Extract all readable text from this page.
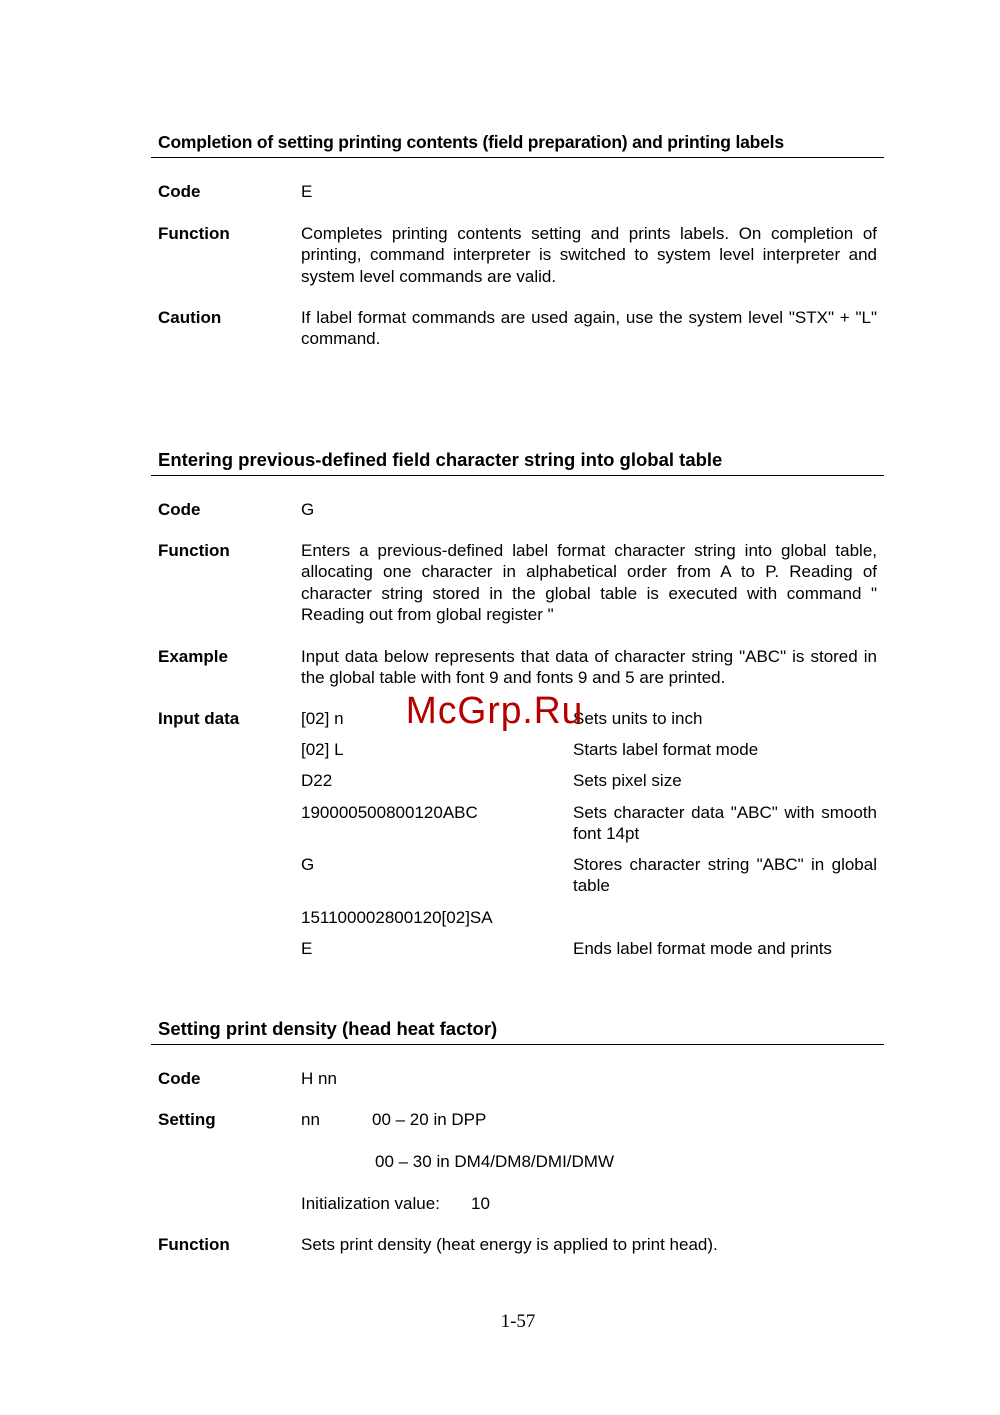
Completion of setting printing contents (field preparation) and printing labels
Code	E
Function	Completes printing contents setting and prints labels. On completion of printing, command interpreter is switched to system level interpreter and system level commands are valid.
Caution	If label format commands are used again, use the system level "STX" + "L" command.
Entering previous-defined field character string into global table
Code	G
Function	Enters a previous-defined label format character string into global table, allocating one character in alphabetical order from A to P. Reading of character string stored in the global table is executed with command " Reading out from global register "
Example	Input data below represents that data of character string "ABC" is stored in the global table with font 9 and fonts 9 and 5 are printed.
Input data	[02] n	Sets units to inch
[02] L	Starts label format mode
D22	Sets pixel size
190000500800120ABC	Sets character data "ABC" with smooth font 14pt
G	Stores character string "ABC" in global table
151100002800120[02]SA
E	Ends label format mode and prints
Setting print density (head heat factor)
Code	H nn
Setting	nn	00 – 20 in DPP
00 – 30 in DM4/DM8/DMI/DMW
Initialization value:	10
Function	Sets print density (heat energy is applied to print head).
McGrp.Ru
1-57
